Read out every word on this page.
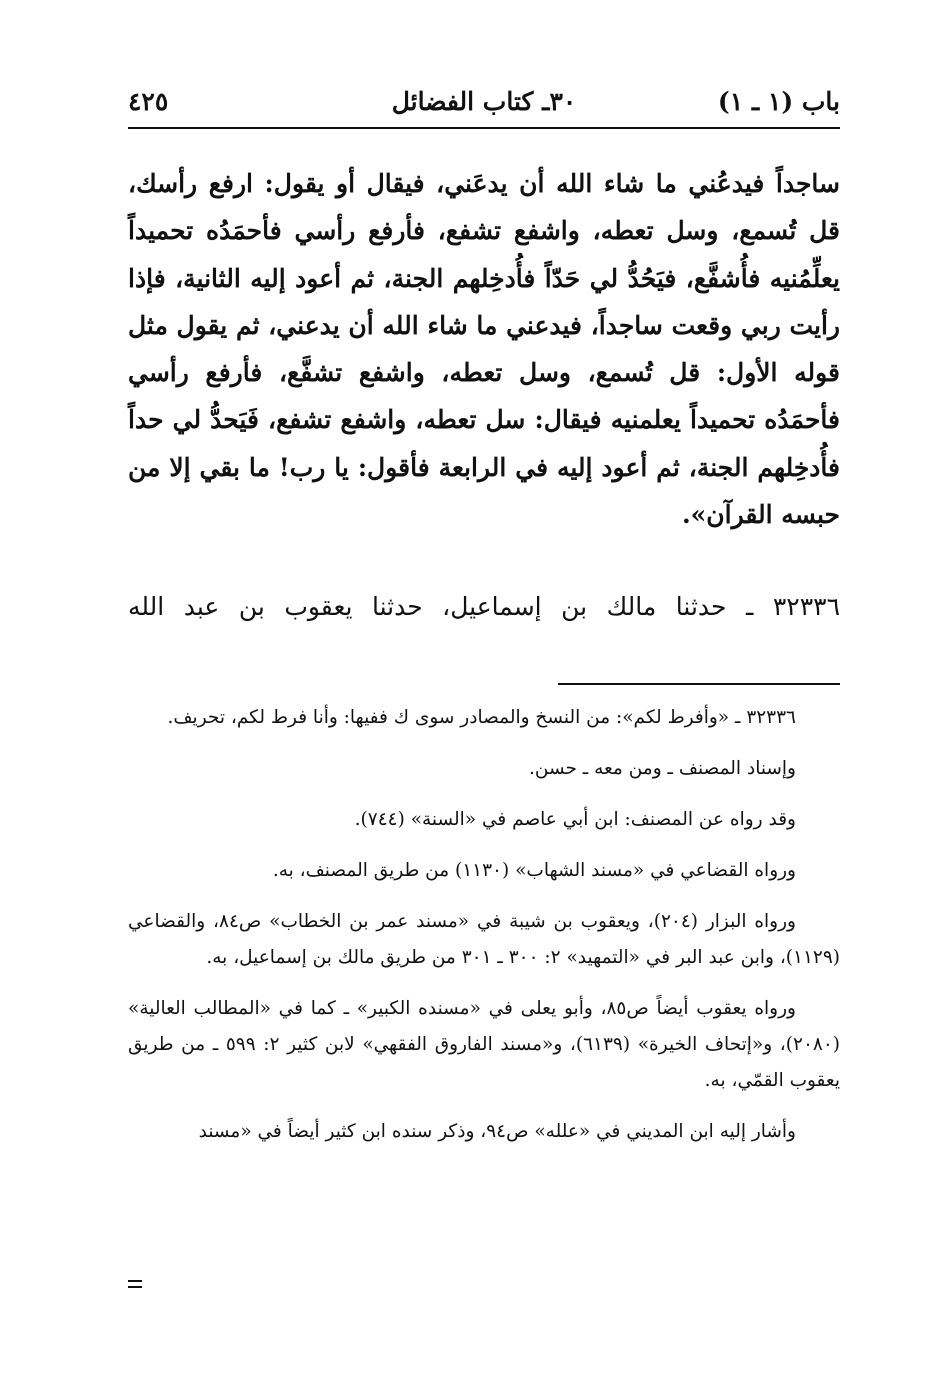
باب (١ ـ ١)
٣٠ـ كتاب الفضائل
٤٢٥

ساجداً فيدعُني ما شاء الله أن يدعَني، فيقال أو يقول: ارفع رأسك، قل تُسمع، وسل تعطه، واشفع تشفع، فأرفع رأسي فأحمَدُه تحميداً يعلِّمُنيه فأُشفَّع، فيَحُدُّ لي حَدّاً فأُدخِلهم الجنة، ثم أعود إليه الثانية، فإذا رأيت ربي وقعت ساجداً، فيدعني ما شاء الله أن يدعني، ثم يقول مثل قوله الأول: قل تُسمع، وسل تعطه، واشفع تشفَّع، فأرفع رأسي فأحمَدُه تحميداً يعلمنيه فيقال: سل تعطه، واشفع تشفع، فَيَحدُّ لي حداً فأُدخِلهم الجنة، ثم أعود إليه في الرابعة فأقول: يا رب! ما بقي إلا من حبسه القرآن».

٣٢٣٣٦ ـ حدثنا مالك بن إسماعيل، حدثنا يعقوب بن عبد الله

٣٢٣٣٦ ـ «وأفرط لكم»: من النسخ والمصادر سوى ك ففيها: وأنا فرط لكم، تحريف.

وإسناد المصنف ـ ومن معه ـ حسن.

وقد رواه عن المصنف: ابن أبي عاصم في «السنة» (٧٤٤).

ورواه القضاعي في «مسند الشهاب» (١١٣٠) من طريق المصنف، به.

ورواه البزار (٢٠٤)، ويعقوب بن شيبة في «مسند عمر بن الخطاب» ص٨٤، والقضاعي (١١٢٩)، وابن عبد البر في «التمهيد» ٢: ٣٠٠ ـ ٣٠١ من طريق مالك بن إسماعيل، به.

ورواه يعقوب أيضاً ص٨٥، وأبو يعلى في «مسنده الكبير» ـ كما في «المطالب العالية» (٢٠٨٠)، و«إتحاف الخيرة» (٦١٣٩)، و«مسند الفاروق الفقهي» لابن كثير ٢: ٥٩٩ ـ من طريق يعقوب القمّي، به.

وأشار إليه ابن المديني في «علله» ص٩٤، وذكر سنده ابن كثير أيضاً في «مسند
